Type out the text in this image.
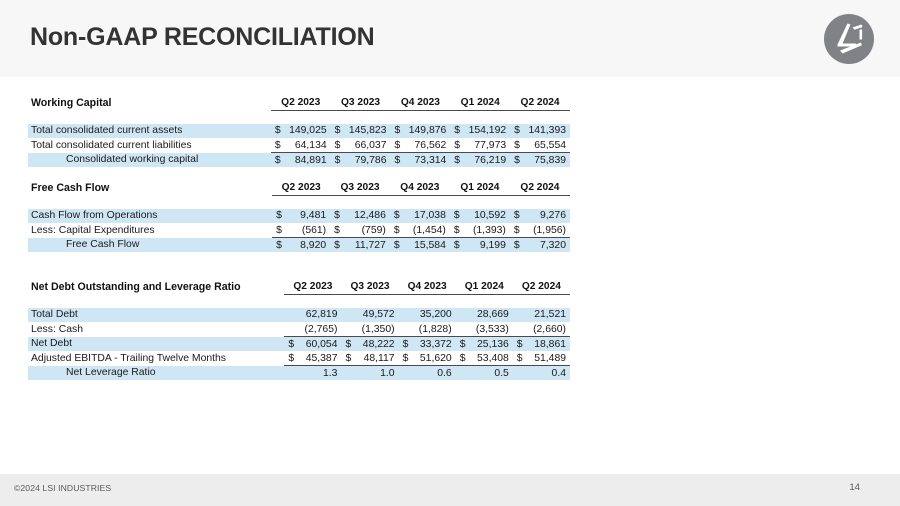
Non-GAAP RECONCILIATION
Working Capital		Q2 2023		Q3 2023		Q4 2023		Q1 2024		Q2 2024	

Total consolidated current assets		$	149,025	$	145,823	$	149,876	$	154,192	$	141,393
Total consolidated current liabilities		$	64,134	$	66,037	$	76,562	$	77,973	$	65,554
Consolidated working capital		$	84,891	$	79,786	$	73,314	$	76,219	$	75,839
Free Cash Flow		Q2 2023		Q3 2023		Q4 2023		Q1 2024		Q2 2024	

Cash Flow from Operations		$	9,481	$	12,486	$	17,038	$	10,592	$	9,276
Less: Capital Expenditures		$	(561)	$	(759)	$	(1,454)	$	(1,393)	$	(1,956)
Free Cash Flow		$	8,920	$	11,727	$	15,584	$	9,199	$	7,320
Net Debt Outstanding and Leverage Ratio		Q2 2023		Q3 2023		Q4 2023		Q1 2024		Q2 2024	

Total Debt			62,819		49,572		35,200		28,669		21,521
Less: Cash			(2,765)		(1,350)		(1,828)		(3,533)		(2,660)
Net Debt		$	60,054	$	48,222	$	33,372	$	25,136	$	18,861
Adjusted EBITDA - Trailing Twelve Months		$	45,387	$	48,117	$	51,620	$	53,408	$	51,489
Net Leverage Ratio			1.3		1.0		0.6		0.5		0.4
©2024 LSI INDUSTRIES	14
